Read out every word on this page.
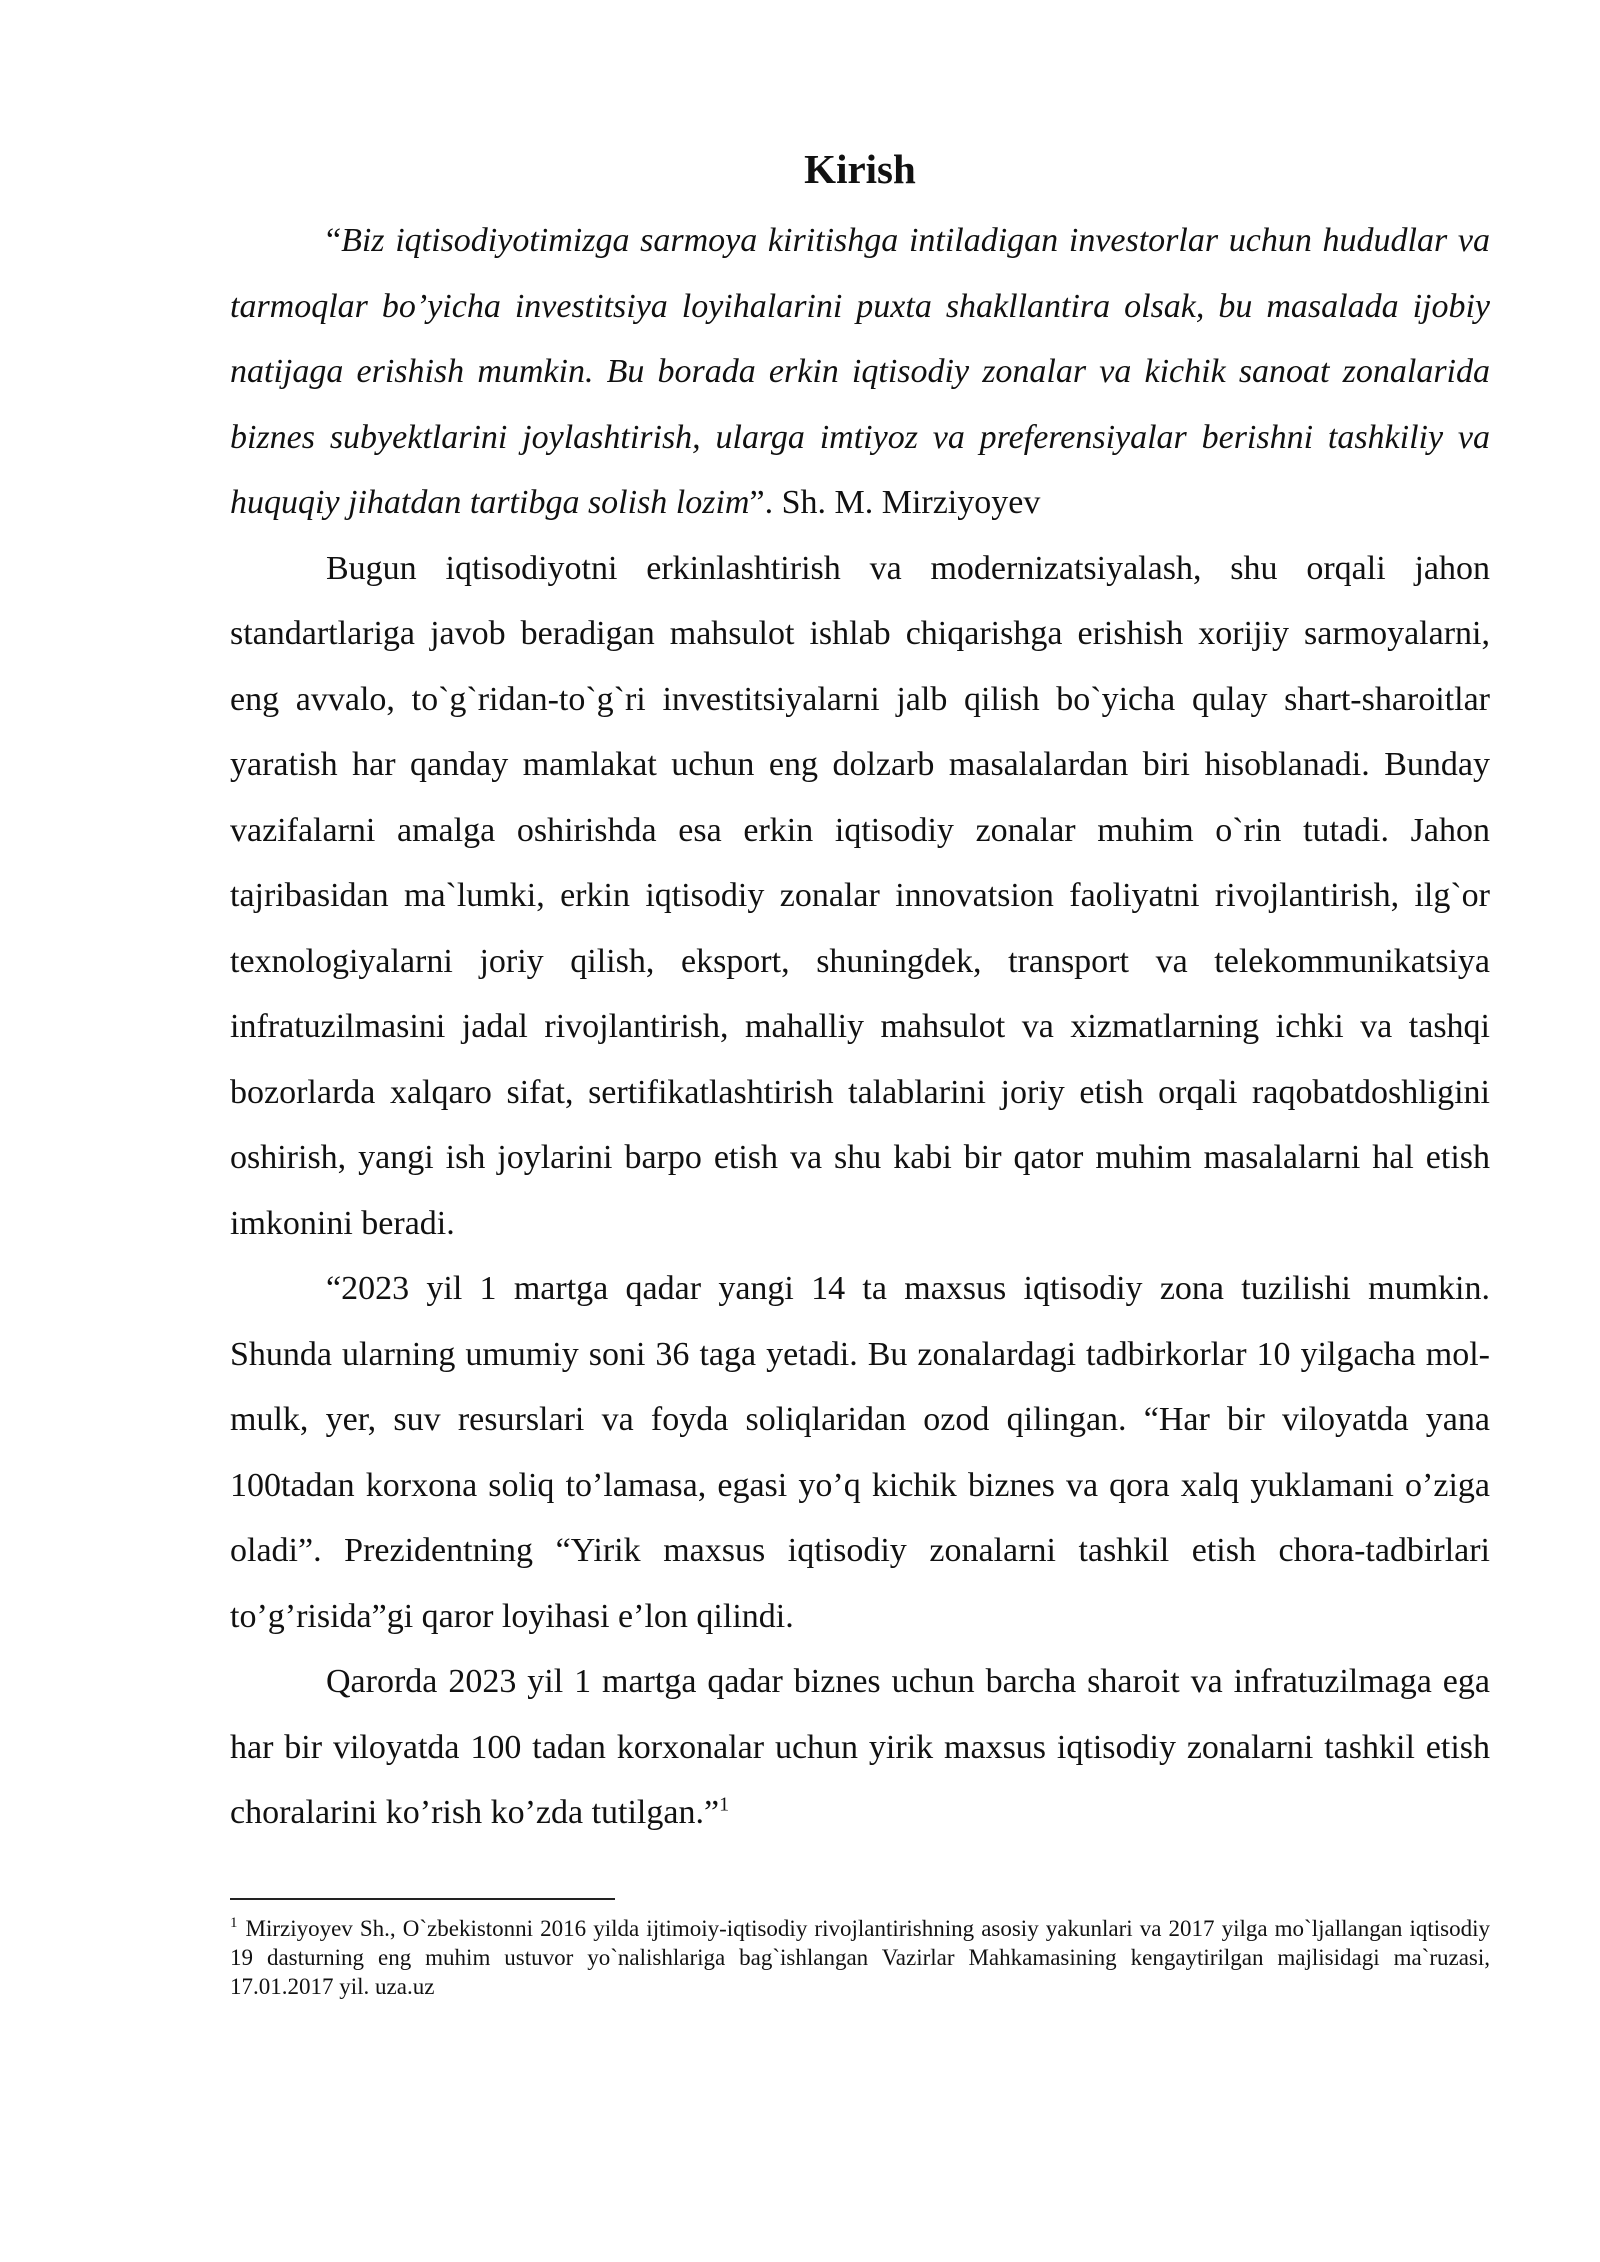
Kirish

“Biz iqtisodiyotimizga sarmoya kiritishga intiladigan investorlar uchun hududlar va tarmoqlar bo’yicha investitsiya loyihalarini puxta shakllantira olsak, bu masalada ijobiy natijaga erishish mumkin. Bu borada erkin iqtisodiy zonalar va kichik sanoat zonalarida biznes subyektlarini joylashtirish, ularga imtiyoz va preferensiyalar berishni tashkiliy va huquqiy jihatdan tartibga solish lozim”. Sh. M. Mirziyoyev

Bugun iqtisodiyotni erkinlashtirish va modernizatsiyalash, shu orqali jahon standartlariga javob beradigan mahsulot ishlab chiqarishga erishish xorijiy sarmoyalarni, eng avvalo, to`g`ridan-to`g`ri investitsiyalarni jalb qilish bo`yicha qulay shart-sharoitlar yaratish har qanday mamlakat uchun eng dolzarb masalalardan biri hisoblanadi. Bunday vazifalarni amalga oshirishda esa erkin iqtisodiy zonalar muhim o`rin tutadi. Jahon tajribasidan ma`lumki, erkin iqtisodiy zonalar innovatsion faoliyatni rivojlantirish, ilg`or texnologiyalarni joriy qilish, eksport, shuningdek, transport va telekommunikatsiya infratuzilmasini jadal rivojlantirish, mahalliy mahsulot va xizmatlarning ichki va tashqi bozorlarda xalqaro sifat, sertifikatlashtirish talablarini joriy etish orqali raqobatdoshligini oshirish, yangi ish joylarini barpo etish va shu kabi bir qator muhim masalalarni hal etish imkonini beradi.

“2023 yil 1 martga qadar yangi 14 ta maxsus iqtisodiy zona tuzilishi mumkin. Shunda ularning umumiy soni 36 taga yetadi. Bu zonalardagi tadbirkorlar 10 yilgacha mol-mulk, yer, suv resurslari va foyda soliqlaridan ozod qilingan. “Har bir viloyatda yana 100tadan korxona soliq to’lamasa, egasi yo’q kichik biznes va qora xalq yuklamani o’ziga oladi”. Prezidentning “Yirik maxsus iqtisodiy zonalarni tashkil etish chora-tadbirlari to’g’risida”gi qaror loyihasi e’lon qilindi.

Qarorda 2023 yil 1 martga qadar biznes uchun barcha sharoit va infratuzilmaga ega har bir viloyatda 100 tadan korxonalar uchun yirik maxsus iqtisodiy zonalarni tashkil etish choralarini ko’rish ko’zda tutilgan.”$^1$

$^1$ Mirziyoyev Sh., O`zbekistonni 2016 yilda ijtimoiy-iqtisodiy rivojlantirishning asosiy yakunlari va 2017 yilga mo`ljallangan iqtisodiy 19 dasturning eng muhim ustuvor yo`nalishlariga bag`ishlangan Vazirlar Mahkamasining kengaytirilgan majlisidagi ma`ruzasi, 17.01.2017 yil. uza.uz
